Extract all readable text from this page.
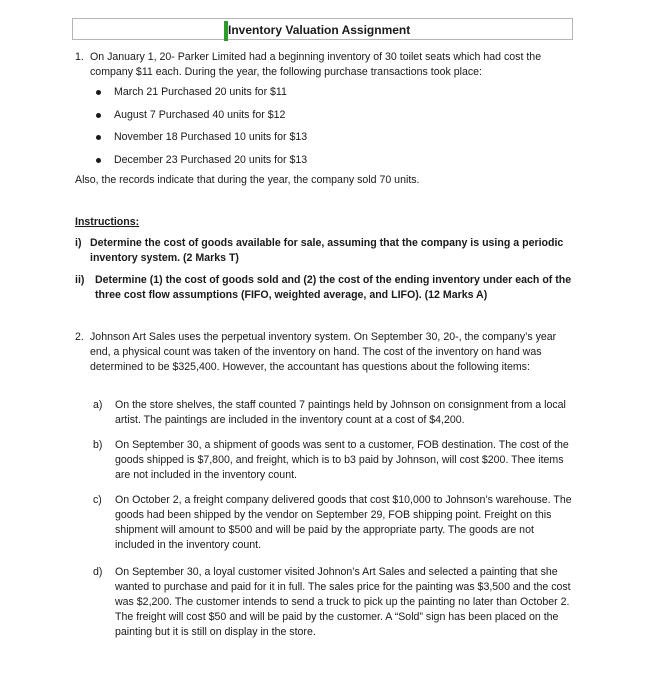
Inventory Valuation Assignment
1. On January 1, 20- Parker Limited had a beginning inventory of 30 toilet seats which had cost the company $11 each. During the year, the following purchase transactions took place:
March 21 Purchased 20 units for $11
August 7 Purchased 40 units for $12
November 18 Purchased 10 units for $13
December 23 Purchased 20 units for $13
Also, the records indicate that during the year, the company sold 70 units.
Instructions:
i) Determine the cost of goods available for sale, assuming that the company is using a periodic inventory system. (2 Marks T)
ii) Determine (1) the cost of goods sold and (2) the cost of the ending inventory under each of the three cost flow assumptions (FIFO, weighted average, and LIFO). (12 Marks A)
2. Johnson Art Sales uses the perpetual inventory system. On September 30, 20-, the company’s year end, a physical count was taken of the inventory on hand. The cost of the inventory on hand was determined to be $325,400. However, the accountant has questions about the following items:
a)	On the store shelves, the staff counted 7 paintings held by Johnson on consignment from a local artist. The paintings are included in the inventory count at a cost of $4,200.
b)	On September 30, a shipment of goods was sent to a customer, FOB destination. The cost of the goods shipped is $7,800, and freight, which is to b3 paid by Johnson, will cost $200. Thee items are not included in the inventory count.
c)	On October 2, a freight company delivered goods that cost $10,000 to Johnson’s warehouse. The goods had been shipped by the vendor on September 29, FOB shipping point. Freight on this shipment will amount to $500 and will be paid by the appropriate party. The goods are not included in the inventory count.
d)	On September 30, a loyal customer visited Johnon’s Art Sales and selected a painting that she wanted to purchase and paid for it in full. The sales price for the painting was $3,500 and the cost was $2,200. The customer intends to send a truck to pick up the painting no later than October 2. The freight will cost $50 and will be paid by the customer. A “Sold” sign has been placed on the painting but it is still on display in the store.
